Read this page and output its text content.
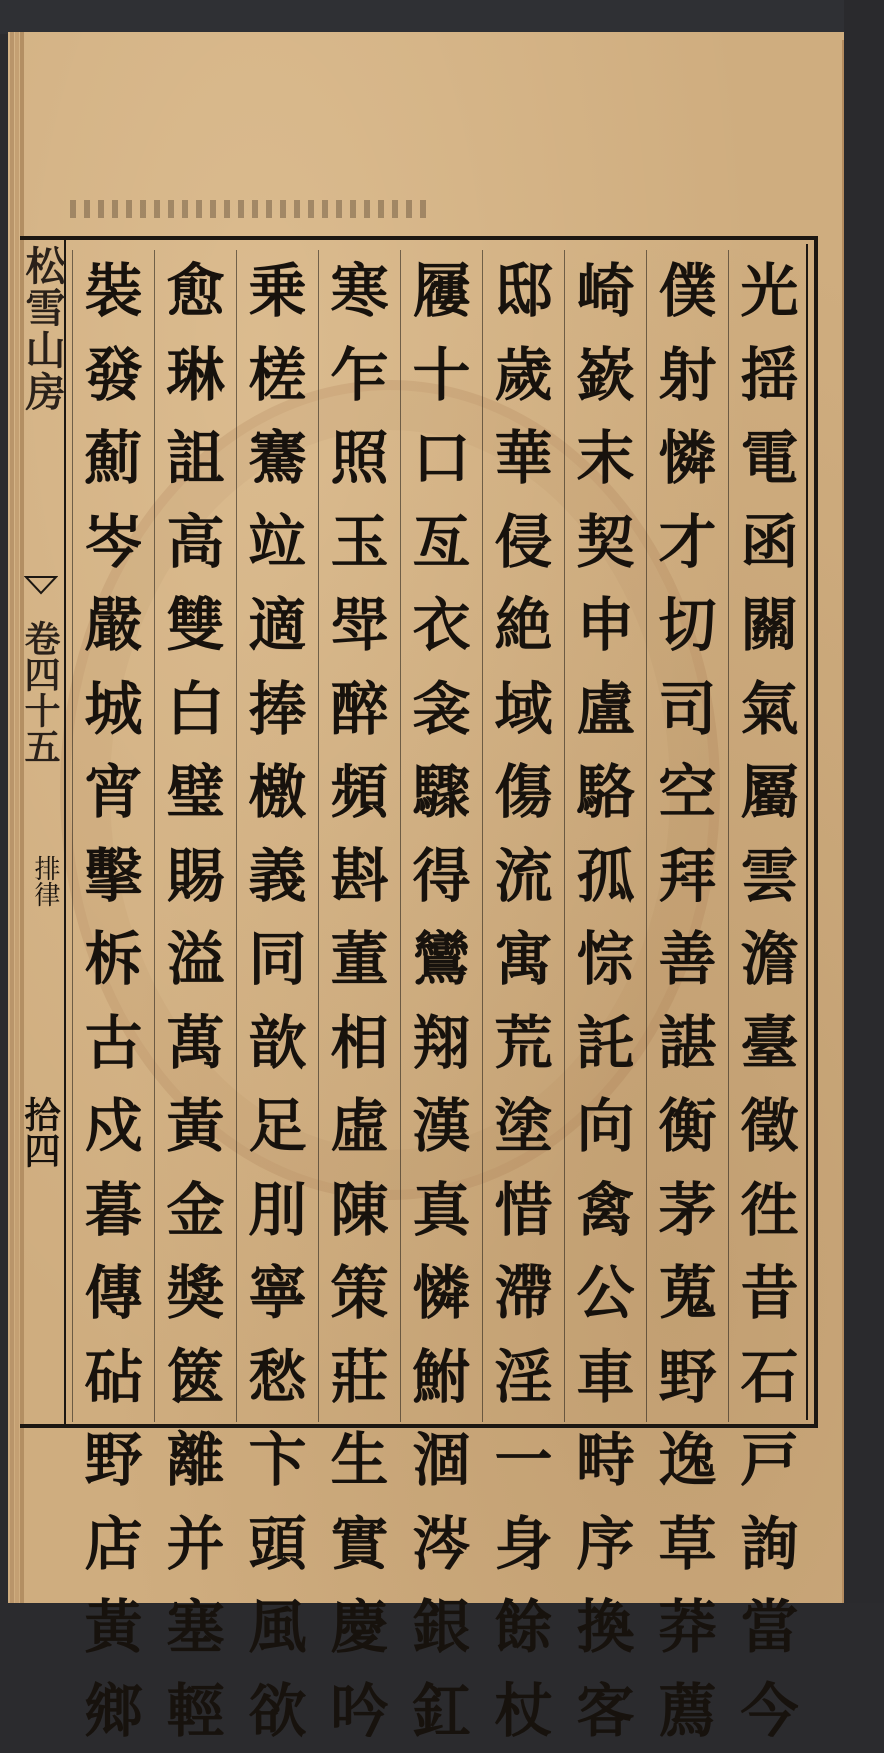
松雪山房
卷四十五
排律
拾四
光
揺
電
函
關
氣
屬
雲
澹
臺
徵
徃
昔
石
戸
詢
當
今
僕
射
憐
才
切
司
空
拜
善
諶
衡
茅
蒐
野
逸
草
莽
薦
崎
嶔
末
契
申
盧
駱
孤
悰
託
向
禽
公
車
畤
序
換
客
邸
歲
華
侵
絶
域
傷
流
寓
荒
塗
惜
滯
淫
一
身
餘
杖
屨
十
口
亙
衣
衾
驟
得
鸞
翔
漢
真
憐
鮒
涸
涔
銀
釭
寒
乍
照
玉
斝
醉
頻
斟
董
相
虛
陳
策
莊
生
實
慶
吟
乗
槎
騫
竝
適
捧
檄
義
同
歆
足
刖
寧
愁
卞
頭
風
欲
愈
琳
詛
高
雙
白
璧
賜
溢
萬
黃
金
獎
篋
離
并
塞
輕
裝
發
薊
岑
嚴
城
宵
擊
柝
古
戍
暮
傳
砧
野
店
黃
鄉
